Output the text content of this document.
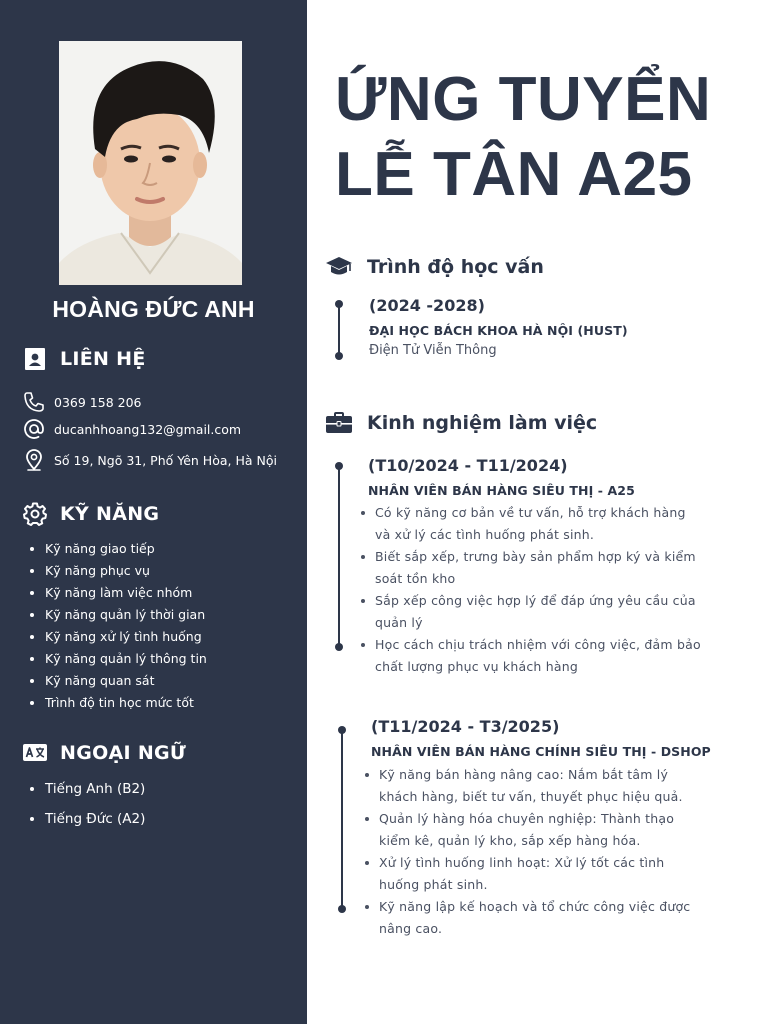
HOÀNG ĐỨC ANH
LIÊN HỆ
0369 158 206
ducanhhoang132@gmail.com
Số 19, Ngõ 31, Phố Yên Hòa, Hà Nội
KỸ NĂNG
Kỹ năng giao tiếp
Kỹ năng phục vụ
Kỹ năng làm việc nhóm
Kỹ năng quản lý thời gian
Kỹ năng xử lý tình huống
Kỹ năng quản lý thông tin
Kỹ năng quan sát
Trình độ tin học mức tốt
NGOẠI NGỮ
Tiếng Anh (B2)
Tiếng Đức (A2)
ỨNG TUYỂN
LỄ TÂN A25
Trình độ học vấn
(2024 -2028)
ĐẠI HỌC BÁCH KHOA HÀ NỘI (HUST)
Điện Tử Viễn Thông
Kinh nghiệm làm việc
(T10/2024 - T11/2024)
NHÂN VIÊN BÁN HÀNG SIÊU THỊ - A25
Có kỹ năng cơ bản về tư vấn, hỗ trợ khách hàng và xử lý các tình huống phát sinh.
Biết sắp xếp, trưng bày sản phẩm hợp ký và kiểm soát tồn kho
Sắp xếp công việc hợp lý để đáp ứng yêu cầu của quản lý
Học cách chịu trách nhiệm với công việc, đảm bảo chất lượng phục vụ khách hàng
(T11/2024 - T3/2025)
NHÂN VIÊN BÁN HÀNG CHÍNH SIÊU THỊ - DSHOP
Kỹ năng bán hàng nâng cao: Nắm bắt tâm lý khách hàng, biết tư vấn, thuyết phục hiệu quả.
Quản lý hàng hóa chuyên nghiệp: Thành thạo kiểm kê, quản lý kho, sắp xếp hàng hóa.
Xử lý tình huống linh hoạt: Xử lý tốt các tình huống phát sinh.
Kỹ năng lập kế hoạch và tổ chức công việc được nâng cao.
